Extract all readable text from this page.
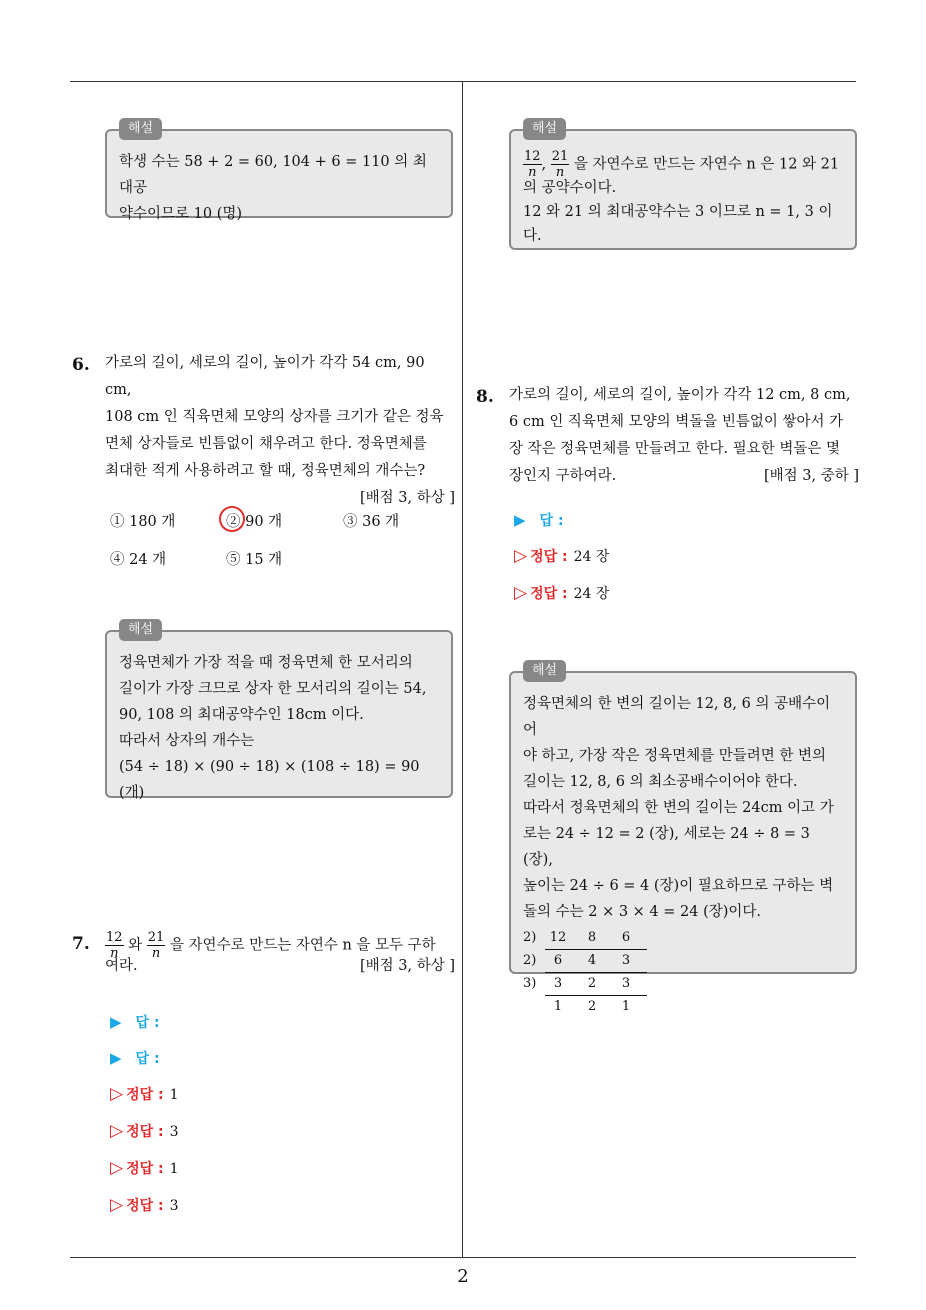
2
해설

학생 수는 58 + 2 = 60, 104 + 6 = 110 의 최대공

약수이므로 10 (명)

6. 가로의 길이, 세로의 길이, 높이가 각각 54 cm, 90 cm,

108 cm 인 직육면체 모양의 상자를 크기가 같은 정육

면체 상자들로 빈틈없이 채우려고 한다. 정육면체를

최대한 적게 사용하려고 할 때, 정육면체의 개수는?

[배점 3, 하상 ]

① 180 개	② 90 개	③ 36 개
④ 24 개	⑤ 15 개
해설

정육면체가 가장 적을 때 정육면체 한 모서리의

길이가 가장 크므로 상자 한 모서리의 길이는 54,

90, 108 의 최대공약수인 18cm 이다.

따라서 상자의 개수는

(54 ÷ 18) × (90 ÷ 18) × (108 ÷ 18) = 90 (개)

7. $\frac{12}{n}$ 와 $\frac{21}{n}$ 을 자연수로 만드는 자연수 n 을 모두 구하

여라.	[배점 3, 하상 ]

▶ 답 :
▶ 답 :
▷ 정답 : 1
▷ 정답 : 3
▷ 정답 : 1
▷ 정답 : 3
해설

$\frac{12}{n}$ , $\frac{21}{n}$ 을 자연수로 만드는 자연수 n 은 12 와 21

의 공약수이다.

12 와 21 의 최대공약수는 3 이므로 n = 1, 3 이다.

8. 가로의 길이, 세로의 길이, 높이가 각각 12 cm, 8 cm,

6 cm 인 직육면체 모양의 벽돌을 빈틈없이 쌓아서 가

장 작은 정육면체를 만들려고 한다. 필요한 벽돌은 몇

장인지 구하여라.	[배점 3, 중하 ]

▶ 답 :
▷ 정답 : 24 장
▷ 정답 : 24 장
해설

정육면체의 한 변의 길이는 12, 8, 6 의 공배수이어

야 하고, 가장 작은 정육면체를 만들려면 한 변의

길이는 12, 8, 6 의 최소공배수이어야 한다.

따라서 정육면체의 한 변의 길이는 24cm 이고 가

로는 24 ÷ 12 = 2 (장), 세로는 24 ÷ 8 = 3 (장),

높이는 24 ÷ 6 = 4 (장)이 필요하므로 구하는 벽

돌의 수는 2 × 3 × 4 = 24 (장)이다.

2)	12	8	6
2)	6	4	3
3)	3	2	3
	1	2	1
